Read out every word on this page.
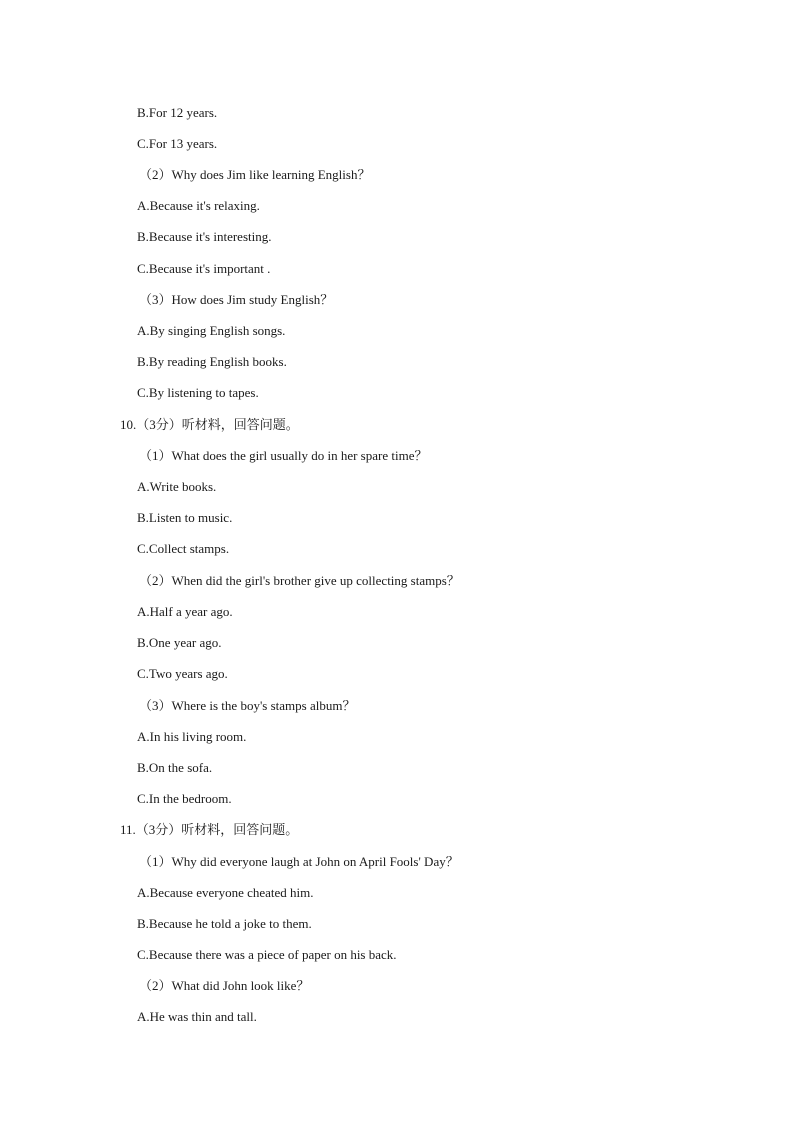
B.For 12 years.
C.For 13 years.
（2）Why does Jim like learning English？
A.Because it's relaxing.
B.Because it's interesting.
C.Because it's important .
（3）How does Jim study English？
A.By singing English songs.
B.By reading English books.
C.By listening to tapes.
10.（3分）听材料，回答问题。
（1）What does the girl usually do in her spare time？
A.Write books.
B.Listen to music.
C.Collect stamps.
（2）When did the girl's brother give up collecting stamps？
A.Half a year ago.
B.One year ago.
C.Two years ago.
（3）Where is the boy's stamps album？
A.In his living room.
B.On the sofa.
C.In the bedroom.
11.（3分）听材料，回答问题。
（1）Why did everyone laugh at John on April Fools' Day？
A.Because everyone cheated him.
B.Because he told a joke to them.
C.Because there was a piece of paper on his back.
（2）What did John look like？
A.He was thin and tall.
